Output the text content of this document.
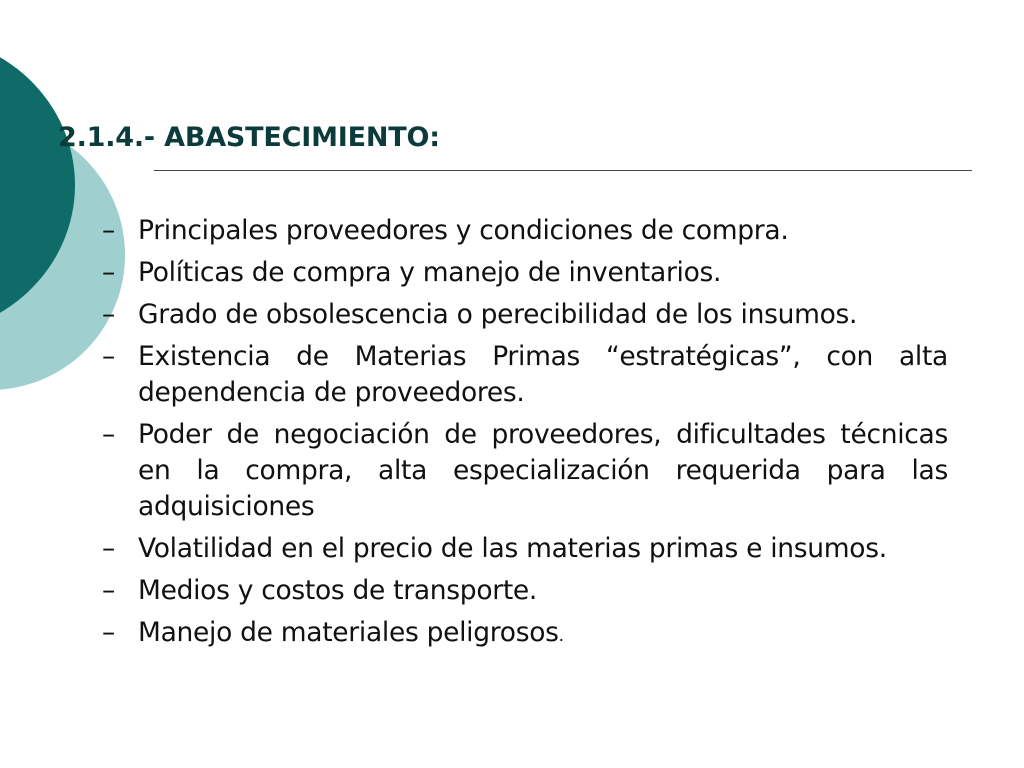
2.1.4.- ABASTECIMIENTO:
– Principales proveedores y condiciones de compra.
– Políticas de compra y manejo de inventarios.
– Grado de obsolescencia o perecibilidad de los insumos.
– Existencia de Materias Primas “estratégicas”, con alta dependencia de proveedores.
– Poder de negociación de proveedores, dificultades técnicas en la compra, alta especialización requerida para las adquisiciones
– Volatilidad en el precio de las materias primas e insumos.
– Medios y costos de transporte.
– Manejo de materiales peligrosos.
